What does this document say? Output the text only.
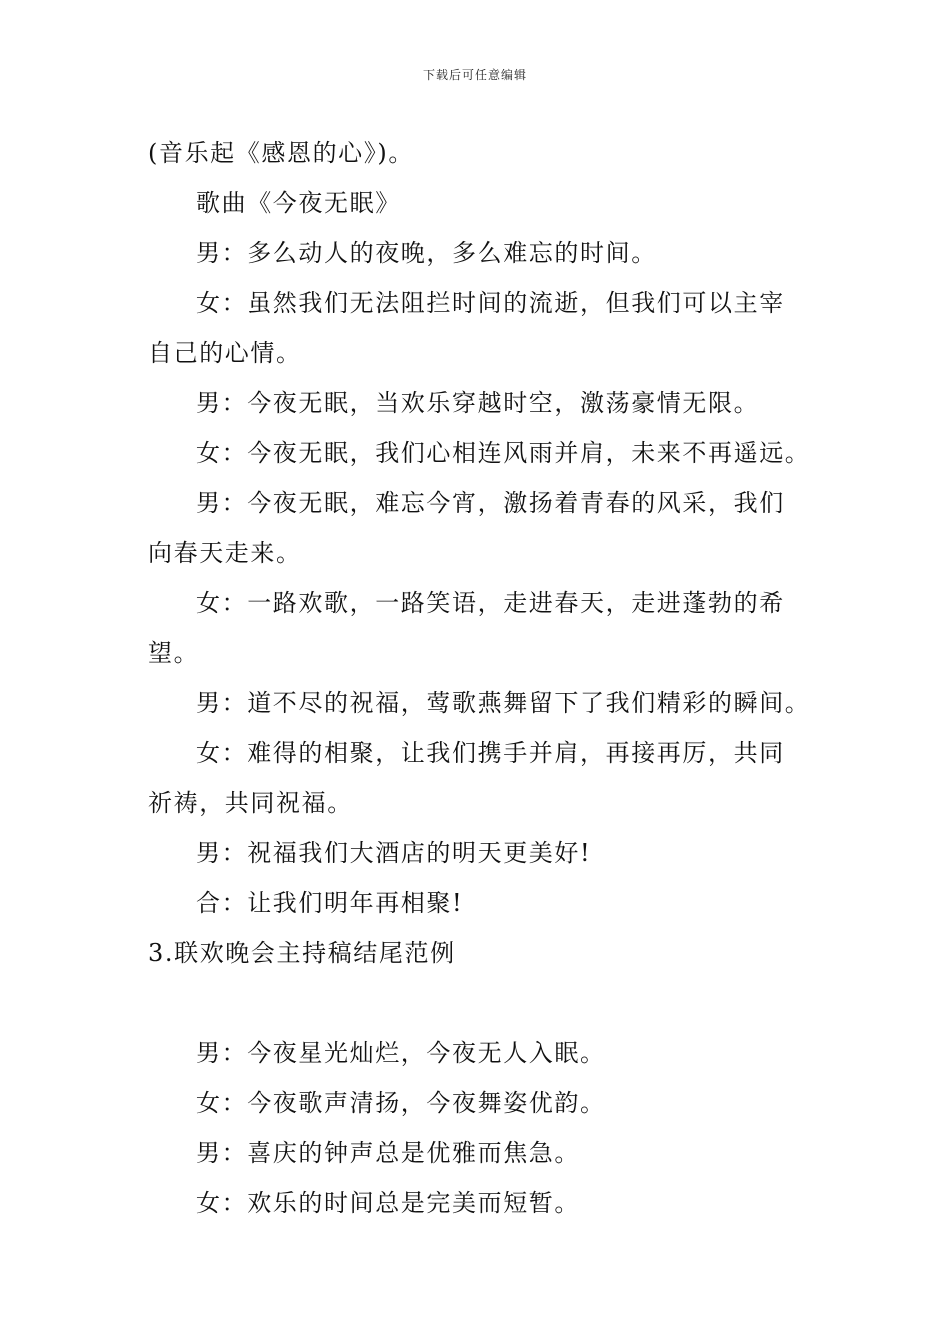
下载后可任意编辑
(音乐起《感恩的心》)。
歌曲《今夜无眠》
男：多么动人的夜晚，多么难忘的时间。
女：虽然我们无法阻拦时间的流逝，但我们可以主宰
自己的心情。
男：今夜无眠，当欢乐穿越时空，激荡豪情无限。
女：今夜无眠，我们心相连风雨并肩，未来不再遥远。
男：今夜无眠，难忘今宵，激扬着青春的风采，我们
向春天走来。
女：一路欢歌，一路笑语，走进春天，走进蓬勃的希
望。
男：道不尽的祝福，莺歌燕舞留下了我们精彩的瞬间。
女：难得的相聚，让我们携手并肩，再接再厉，共同
祈祷，共同祝福。
男：祝福我们大酒店的明天更美好!
合：让我们明年再相聚!
3.联欢晚会主持稿结尾范例
男：今夜星光灿烂，今夜无人入眠。
女：今夜歌声清扬，今夜舞姿优韵。
男：喜庆的钟声总是优雅而焦急。
女：欢乐的时间总是完美而短暂。
